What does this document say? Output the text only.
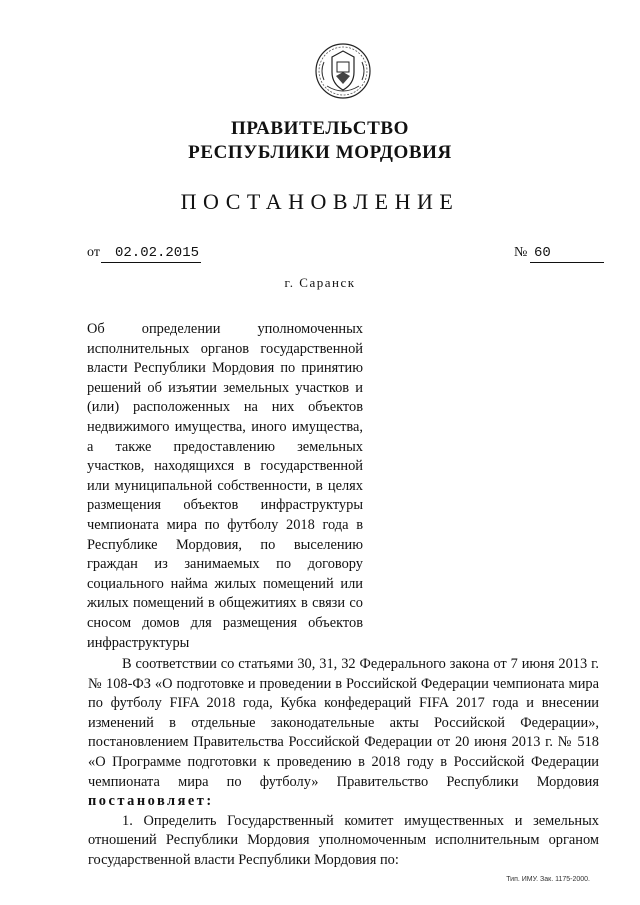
ПРАВИТЕЛЬСТВО
РЕСПУБЛИКИ МОРДОВИЯ
ПОСТАНОВЛЕНИЕ
от 02.02.2015	№ 60
г. Саранск
Об определении уполномоченных исполнительных органов государственной власти Республики Мордовия по принятию решений об изъятии земельных участков и (или) расположенных на них объектов недвижимого имущества, иного имущества, а также предоставлению земельных участков, находящихся в государственной или муниципальной собственности, в целях размещения объектов инфраструктуры чемпионата мира по футболу 2018 года в Республике Мордовия, по выселению граждан из занимаемых по договору социального найма жилых помещений или жилых помещений в общежитиях в связи со сносом домов для размещения объектов инфраструктуры

В соответствии со статьями 30, 31, 32 Федерального закона от 7 июня 2013 г. № 108-ФЗ «О подготовке и проведении в Российской Федерации чемпионата мира по футболу FIFA 2018 года, Кубка конфедераций FIFA 2017 года и внесении изменений в отдельные законодательные акты Российской Федерации», постановлением Правительства Российской Федерации от 20 июня 2013 г. № 518 «О Программе подготовки к проведению в 2018 году в Российской Федерации чемпионата мира по футболу» Правительство Республики Мордовия постановляет:

1. Определить Государственный комитет имущественных и земельных отношений Республики Мордовия уполномоченным исполнительным органом государственной власти Республики Мордовия по:

Тип. ИМУ. Зак. 1175-2000.
